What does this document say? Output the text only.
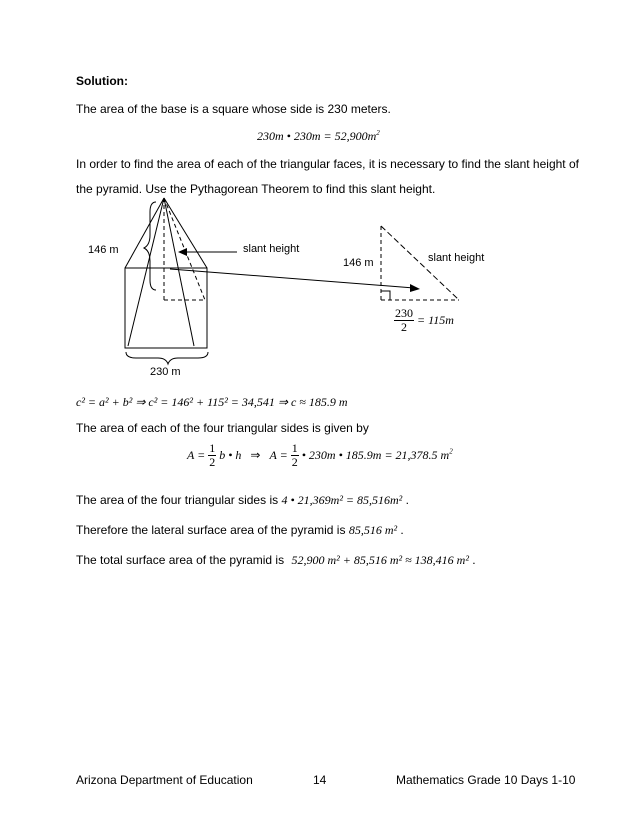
Solution:
The area of the base is a square whose side is 230 meters.
230m • $230m = 52,900m^2$
In order to find the area of each of the triangular faces, it is necessary to find the slant height of
the pyramid. Use the Pythagorean Theorem to find this slant height.
146 m	slant height
146 m	slant height
230 m
$\frac{230}{2} = 115m$
c² = a² + b² ⇒ c² = 146² + 115² = 34,541 ⇒ c ≈ 185.9 m
The area of each of the four triangular sides is given by
$A = \frac{1}{2}$ b • h ⇒ $A = \frac{1}{2}$ • 230m • 185.9m = 21,378.5 $m^2$
The area of the four triangular sides is 4 • 21,369m² = 85,516m² .
Therefore the lateral surface area of the pyramid is 85,516 m² .
The total surface area of the pyramid is 52,900 m² + 85,516 m² ≈ 138,416 m² .
Arizona Department of Education	14	Mathematics Grade 10 Days 1-10
